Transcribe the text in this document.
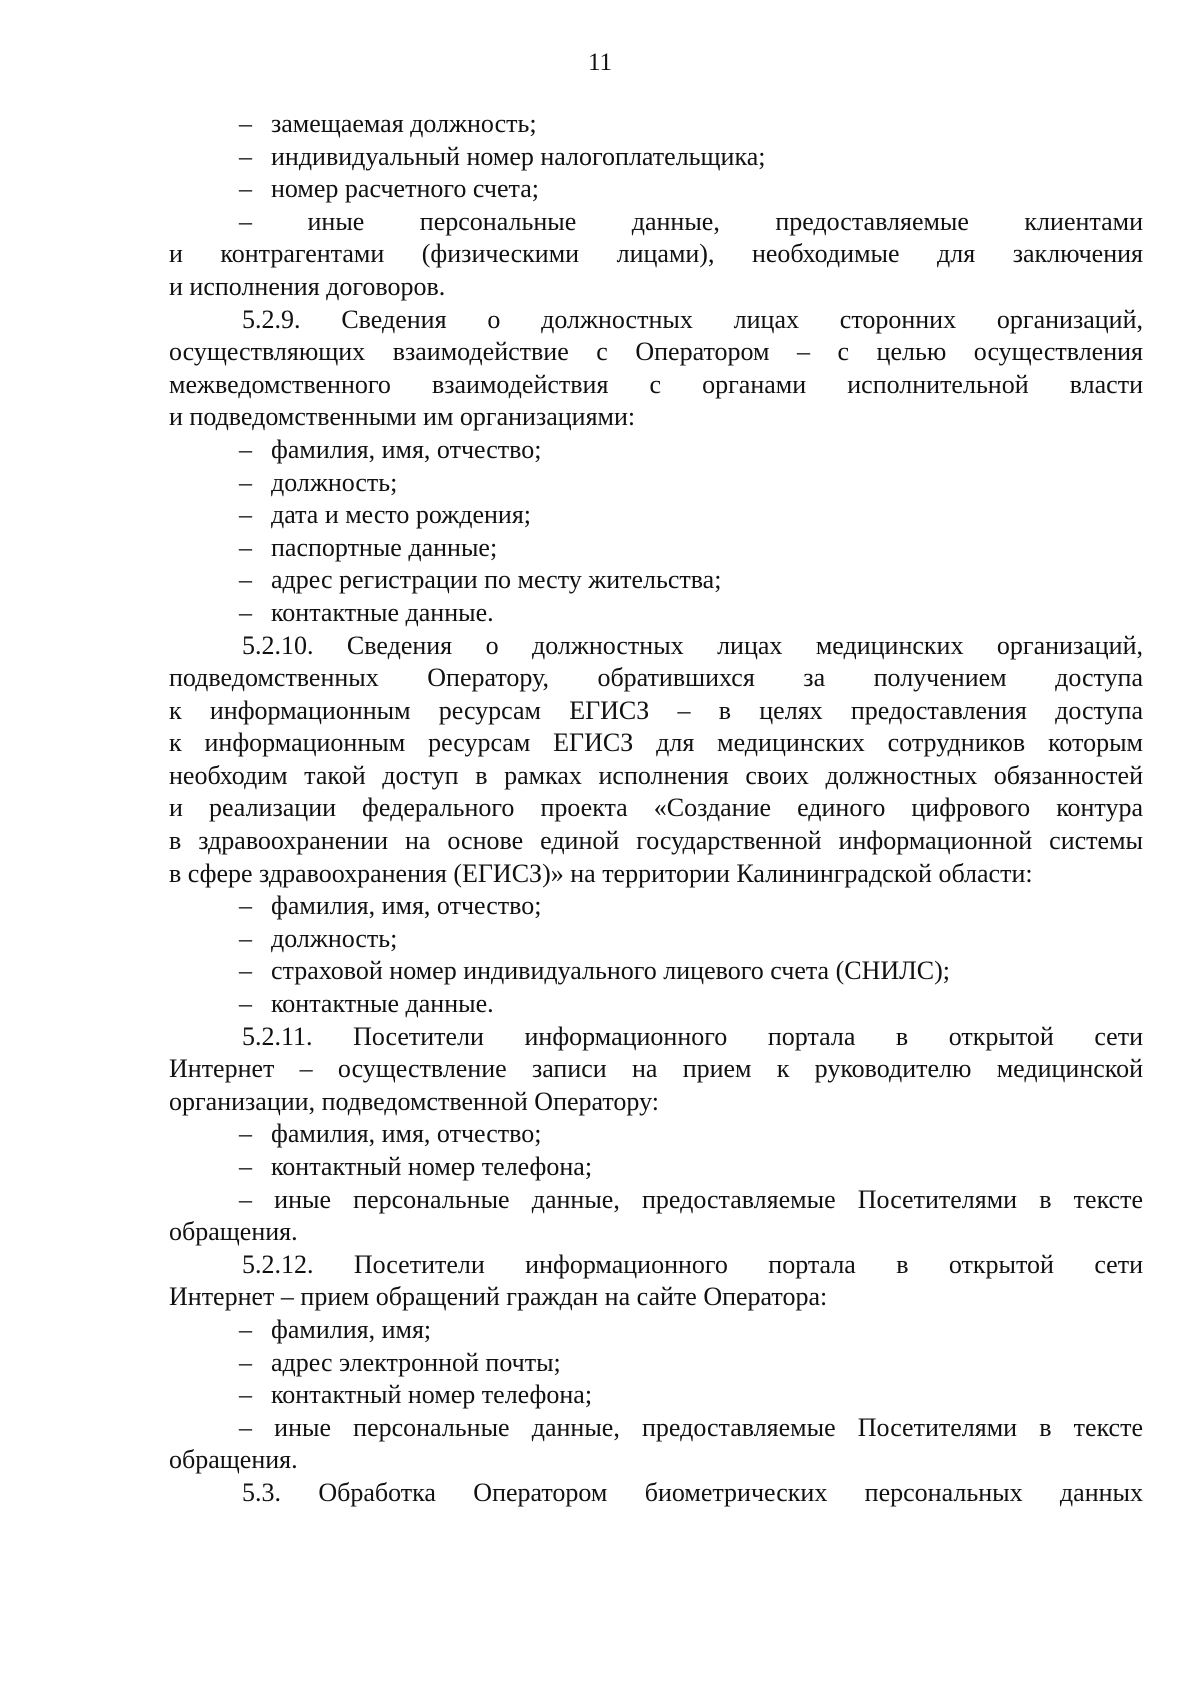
11
– замещаемая должность;
– индивидуальный номер налогоплательщика;
– номер расчетного счета;
– иные персональные данные, предоставляемые клиентами
и контрагентами (физическими лицами), необходимые для заключения
и исполнения договоров.
5.2.9. Сведения о должностных лицах сторонних организаций,
осуществляющих взаимодействие с Оператором – с целью осуществления
межведомственного взаимодействия с органами исполнительной власти
и подведомственными им организациями:
– фамилия, имя, отчество;
– должность;
– дата и место рождения;
– паспортные данные;
– адрес регистрации по месту жительства;
– контактные данные.
5.2.10. Сведения о должностных лицах медицинских организаций,
подведомственных Оператору, обратившихся за получением доступа
к информационным ресурсам ЕГИСЗ – в целях предоставления доступа
к информационным ресурсам ЕГИСЗ для медицинских сотрудников которым
необходим такой доступ в рамках исполнения своих должностных обязанностей
и реализации федерального проекта «Создание единого цифрового контура
в здравоохранении на основе единой государственной информационной системы
в сфере здравоохранения (ЕГИСЗ)» на территории Калининградской области:
– фамилия, имя, отчество;
– должность;
– страховой номер индивидуального лицевого счета (СНИЛС);
– контактные данные.
5.2.11. Посетители информационного портала в открытой сети
Интернет – осуществление записи на прием к руководителю медицинской
организации, подведомственной Оператору:
– фамилия, имя, отчество;
– контактный номер телефона;
– иные персональные данные, предоставляемые Посетителями в тексте
обращения.
5.2.12. Посетители информационного портала в открытой сети
Интернет – прием обращений граждан на сайте Оператора:
– фамилия, имя;
– адрес электронной почты;
– контактный номер телефона;
– иные персональные данные, предоставляемые Посетителями в тексте
обращения.
5.3. Обработка Оператором биометрических персональных данных
